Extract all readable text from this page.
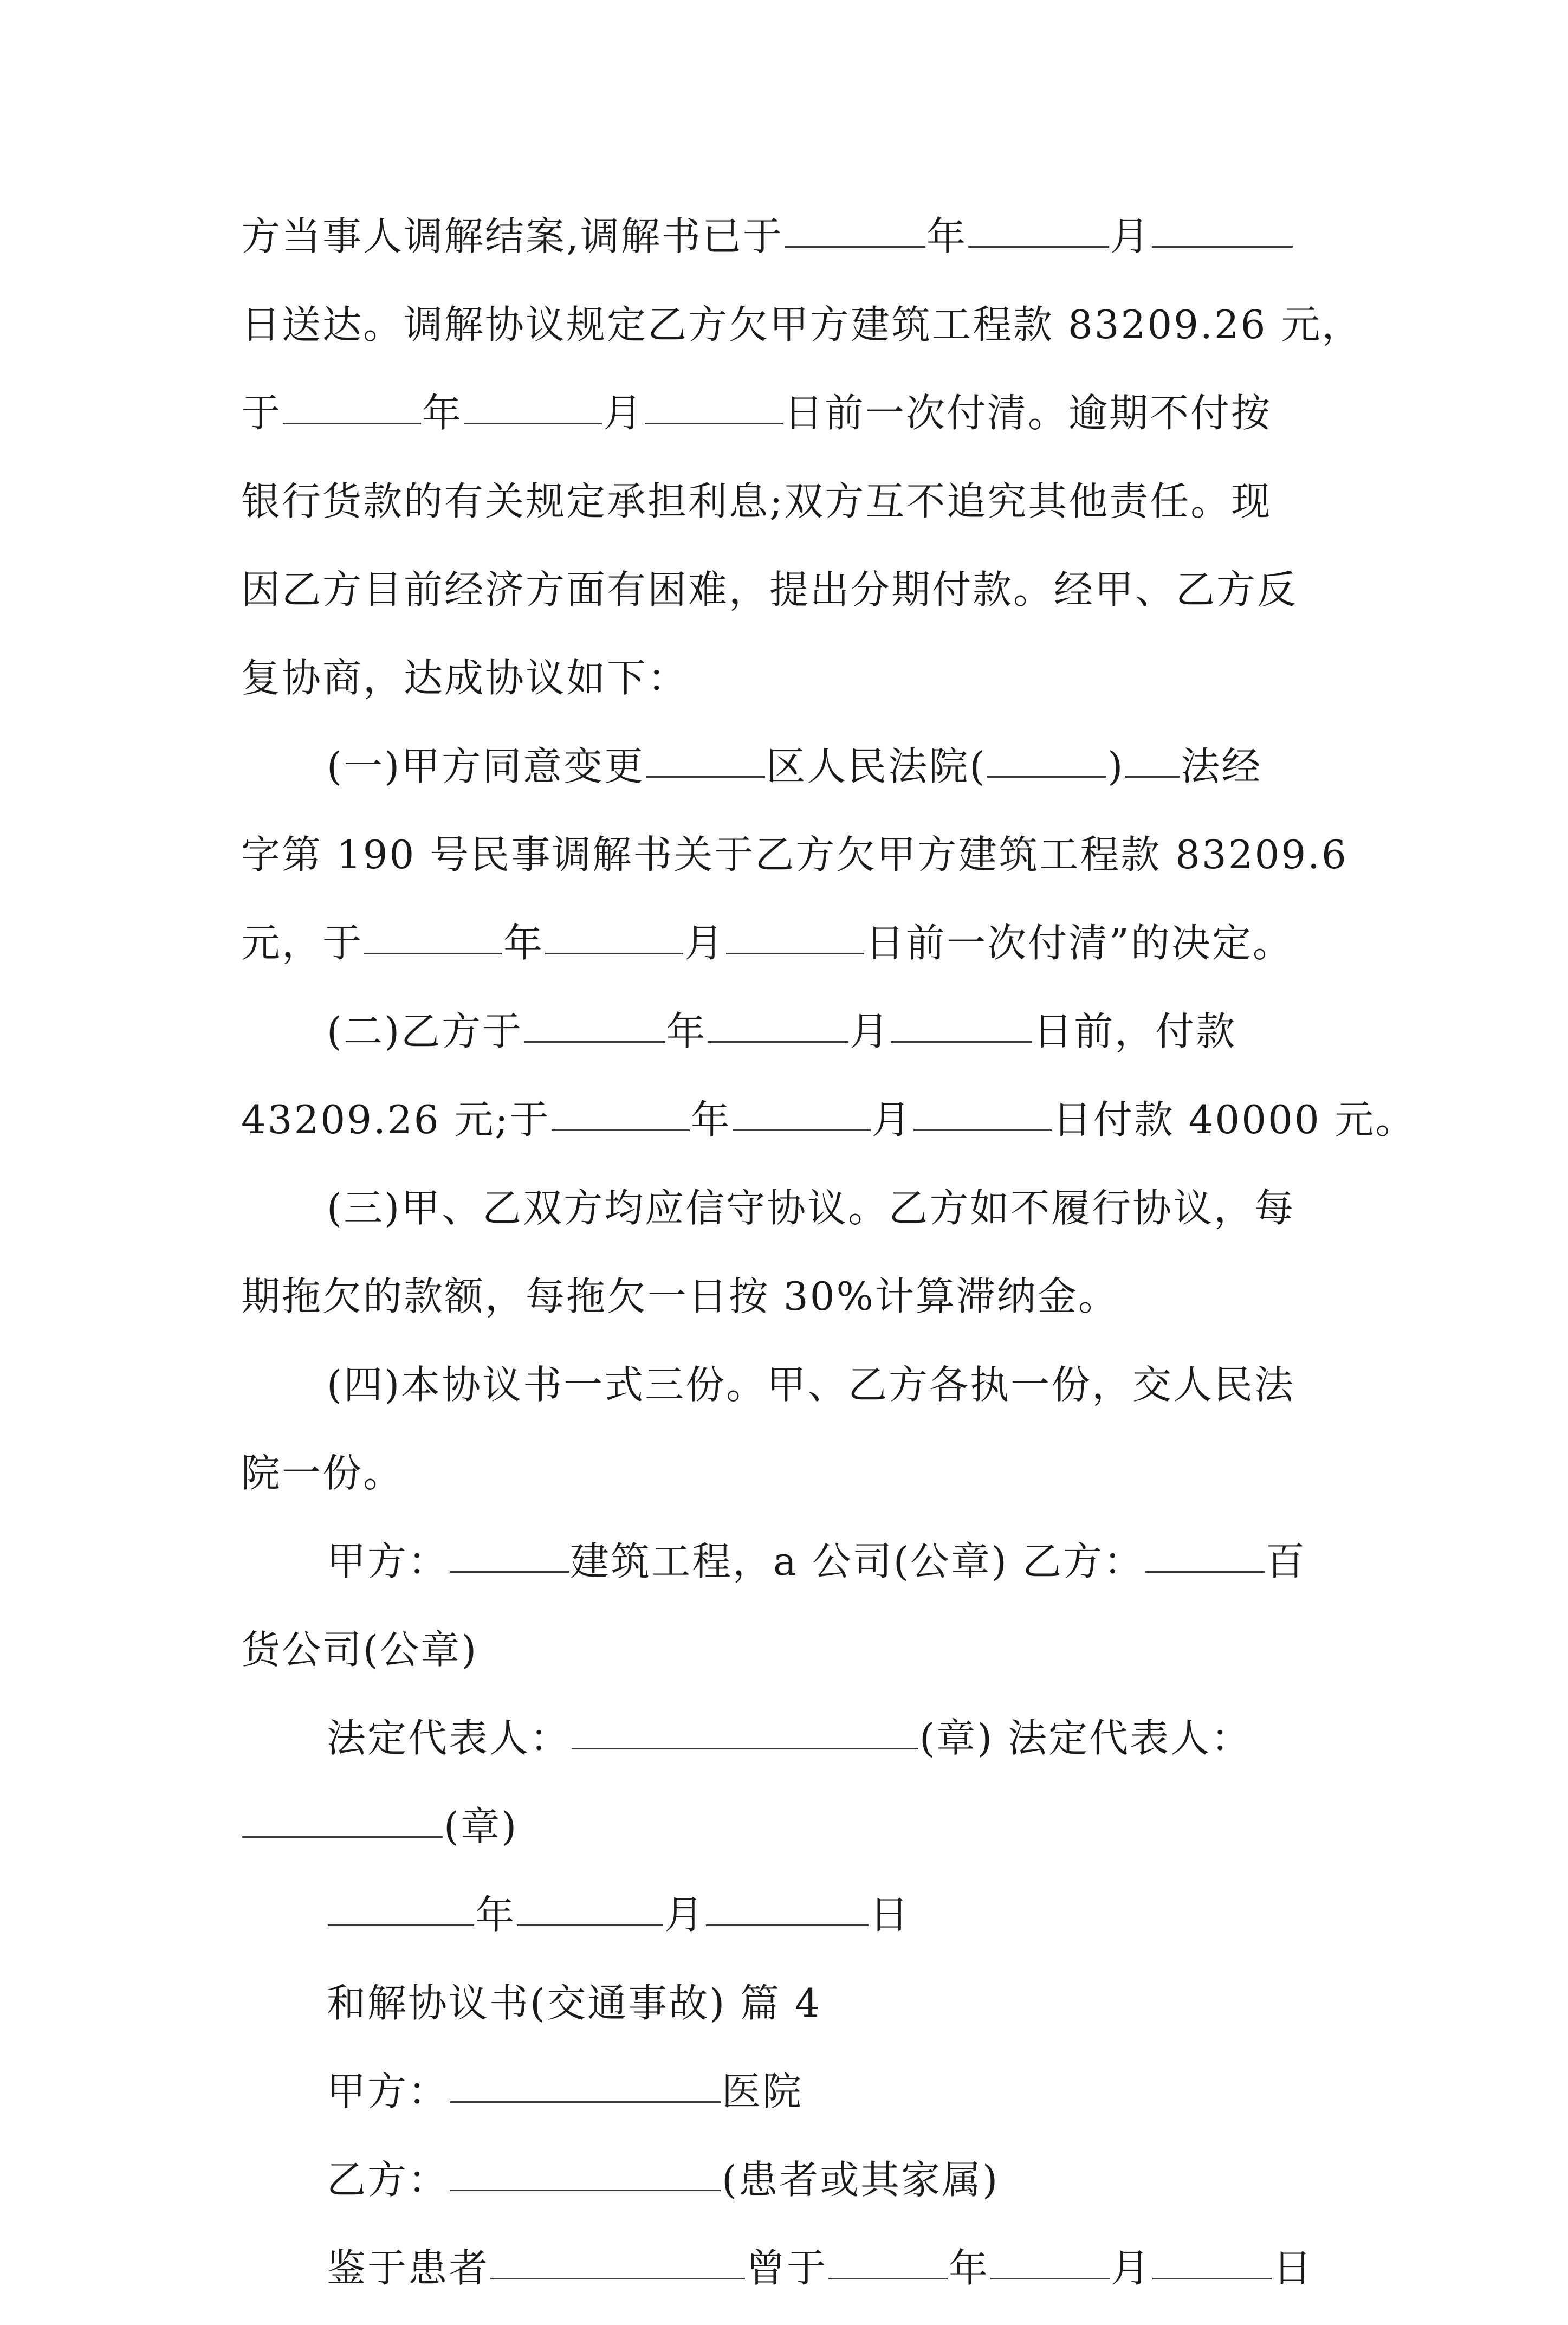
方当事人调解结案,调解书已于	年	月
日送达。调解协议规定乙方欠甲方建筑工程款 83209.26 元，
于	年	月	日前一次付清。逾期不付按
银行货款的有关规定承担利息;双方互不追究其他责任。现
因乙方目前经济方面有困难，提出分期付款。经甲、乙方反
复协商，达成协议如下：
(一)甲方同意变更	区人民法院(	) 法经
字第 190 号民事调解书关于乙方欠甲方建筑工程款 83209.6
元，于	年	月	日前一次付清”的决定。
(二)乙方于	年	月	日前，付款
43209.26 元;于	年	月	日付款 40000 元。
(三)甲、乙双方均应信守协议。乙方如不履行协议，每
期拖欠的款额，每拖欠一日按 30%计算滞纳金。
(四)本协议书一式三份。甲、乙方各执一份，交人民法
院一份。
甲方：	建筑工程，a 公司(公章) 乙方：	百
货公司(公章)
法定代表人：	(章) 法定代表人：
(章)
年	月	日
和解协议书(交通事故) 篇 4
甲方：	医院
乙方：	(患者或其家属)
鉴于患者	曾于	年	月	日
